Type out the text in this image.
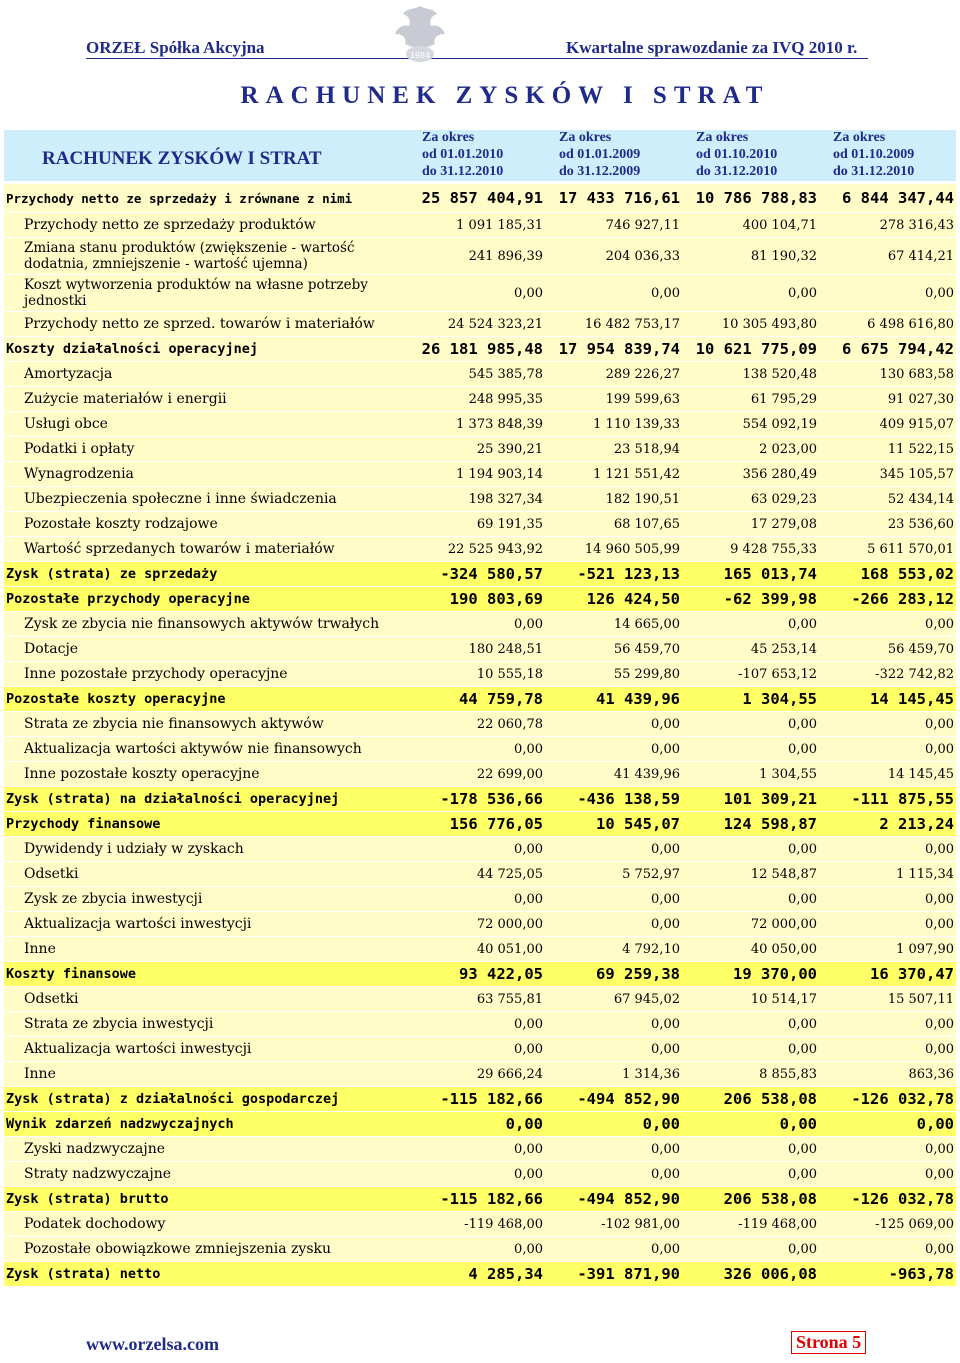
ORZEŁ Spółka Akcyjna	Kwartalne sprawozdanie za IVQ 2010 r.
1984
RACHUNEK ZYSKÓW I STRAT
RACHUNEK ZYSKÓW I STRAT
Za okres
od 01.01.2010
do 31.12.2010
Za okres
od 01.01.2009
do 31.12.2009
Za okres
od 01.10.2010
do 31.12.2010
Za okres
od 01.10.2009
do 31.12.2010
Przychody netto ze sprzedaży i zrównane z nimi	25 857 404,91	17 433 716,61	10 786 788,83	6 844 347,44
Przychody netto ze sprzedaży produktów	1 091 185,31	746 927,11	400 104,71	278 316,43
Zmiana stanu produktów (zwiększenie - wartość dodatnia, zmniejszenie - wartość ujemna)	241 896,39	204 036,33	81 190,32	67 414,21
Koszt wytworzenia produktów na własne potrzeby jednostki	0,00	0,00	0,00	0,00
Przychody netto ze sprzed. towarów i materiałów	24 524 323,21	16 482 753,17	10 305 493,80	6 498 616,80
Koszty działalności operacyjnej	26 181 985,48	17 954 839,74	10 621 775,09	6 675 794,42
Amortyzacja	545 385,78	289 226,27	138 520,48	130 683,58
Zużycie materiałów i energii	248 995,35	199 599,63	61 795,29	91 027,30
Usługi obce	1 373 848,39	1 110 139,33	554 092,19	409 915,07
Podatki i opłaty	25 390,21	23 518,94	2 023,00	11 522,15
Wynagrodzenia	1 194 903,14	1 121 551,42	356 280,49	345 105,57
Ubezpieczenia społeczne i inne świadczenia	198 327,34	182 190,51	63 029,23	52 434,14
Pozostałe koszty rodzajowe	69 191,35	68 107,65	17 279,08	23 536,60
Wartość sprzedanych towarów i materiałów	22 525 943,92	14 960 505,99	9 428 755,33	5 611 570,01
Zysk (strata) ze sprzedaży	-324 580,57	-521 123,13	165 013,74	168 553,02
Pozostałe przychody operacyjne	190 803,69	126 424,50	-62 399,98	-266 283,12
Zysk ze zbycia nie finansowych aktywów trwałych	0,00	14 665,00	0,00	0,00
Dotacje	180 248,51	56 459,70	45 253,14	56 459,70
Inne pozostałe przychody operacyjne	10 555,18	55 299,80	-107 653,12	-322 742,82
Pozostałe koszty operacyjne	44 759,78	41 439,96	1 304,55	14 145,45
Strata ze zbycia nie finansowych aktywów	22 060,78	0,00	0,00	0,00
Aktualizacja wartości aktywów nie finansowych	0,00	0,00	0,00	0,00
Inne pozostałe koszty operacyjne	22 699,00	41 439,96	1 304,55	14 145,45
Zysk (strata) na działalności operacyjnej	-178 536,66	-436 138,59	101 309,21	-111 875,55
Przychody finansowe	156 776,05	10 545,07	124 598,87	2 213,24
Dywidendy i udziały w zyskach	0,00	0,00	0,00	0,00
Odsetki	44 725,05	5 752,97	12 548,87	1 115,34
Zysk ze zbycia inwestycji	0,00	0,00	0,00	0,00
Aktualizacja wartości inwestycji	72 000,00	0,00	72 000,00	0,00
Inne	40 051,00	4 792,10	40 050,00	1 097,90
Koszty finansowe	93 422,05	69 259,38	19 370,00	16 370,47
Odsetki	63 755,81	67 945,02	10 514,17	15 507,11
Strata ze zbycia inwestycji	0,00	0,00	0,00	0,00
Aktualizacja wartości inwestycji	0,00	0,00	0,00	0,00
Inne	29 666,24	1 314,36	8 855,83	863,36
Zysk (strata) z działalności gospodarczej	-115 182,66	-494 852,90	206 538,08	-126 032,78
Wynik zdarzeń nadzwyczajnych	0,00	0,00	0,00	0,00
Zyski nadzwyczajne	0,00	0,00	0,00	0,00
Straty nadzwyczajne	0,00	0,00	0,00	0,00
Zysk (strata) brutto	-115 182,66	-494 852,90	206 538,08	-126 032,78
Podatek dochodowy	-119 468,00	-102 981,00	-119 468,00	-125 069,00
Pozostałe obowiązkowe zmniejszenia zysku	0,00	0,00	0,00	0,00
Zysk (strata) netto	4 285,34	-391 871,90	326 006,08	-963,78
www.orzelsa.com	Strona 5
